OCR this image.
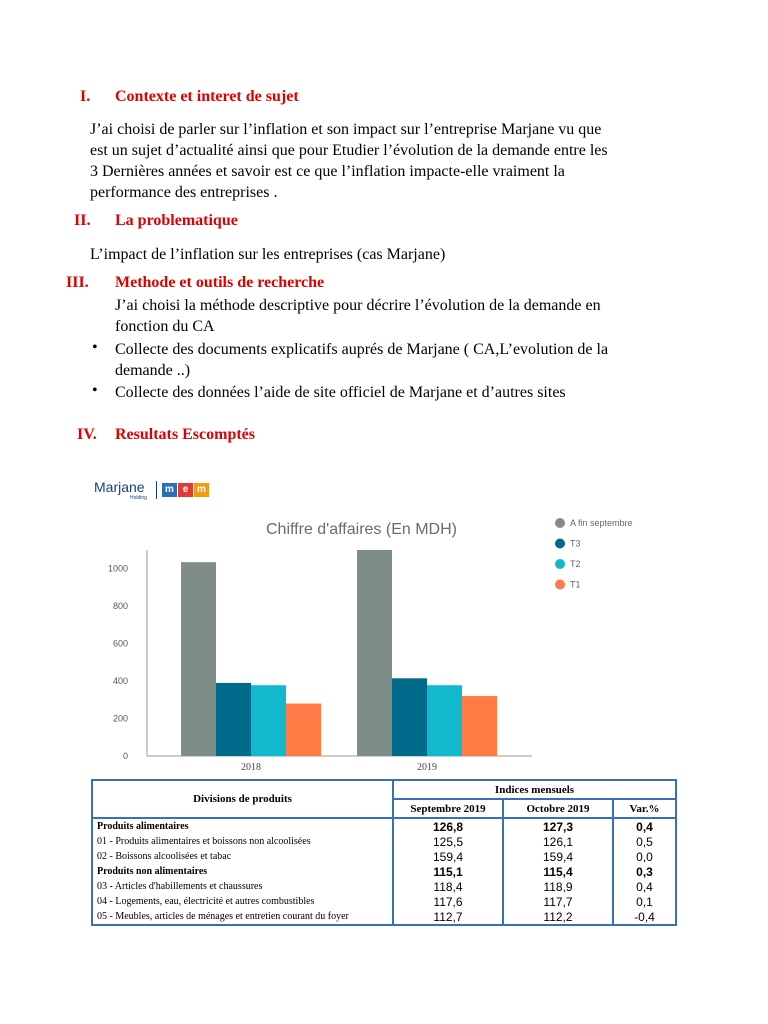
I. Contexte et interet de sujet
J’ai choisi de parler sur l’inflation et son impact sur l’entreprise Marjane vu que
est un sujet d’actualité ainsi que pour Etudier l’évolution de la demande entre les
3 Dernières années et savoir est ce que l’inflation impacte-elle vraiment la
performance des entreprises .
II. La problematique
L’impact de l’inflation sur les entreprises (cas Marjane)
III. Methode et outils de recherche
J’ai choisi la méthode descriptive pour décrire l’évolution de la demande en
fonction du CA
• Collecte des documents explicatifs auprés de Marjane ( CA,L’evolution de la
demande ..)
• Collecte des données l’aide de site officiel de Marjane et d’autres sites
IV. Resultats Escomptés
Marjane
Holding
m e m
Chiffre d'affaires (En MDH)
0
200
400
600
800
1000
2018	2019
A fin septembre
T3
T2
T1
Divisions de produits	Indices mensuels		
	Septembre 2019	Octobre 2019	Var.%
Produits alimentaires	126,8	127,3	0,4
01 - Produits alimentaires et boissons non alcoolisées	125,5	126,1	0,5
02 - Boissons alcoolisées et tabac	159,4	159,4	0,0
Produits non alimentaires	115,1	115,4	0,3
03 - Articles d'habillements et chaussures	118,4	118,9	0,4
04 - Logements, eau, électricité et autres combustibles	117,6	117,7	0,1
05 - Meubles, articles de ménages et entretien courant du foyer	112,7	112,2	-0,4
